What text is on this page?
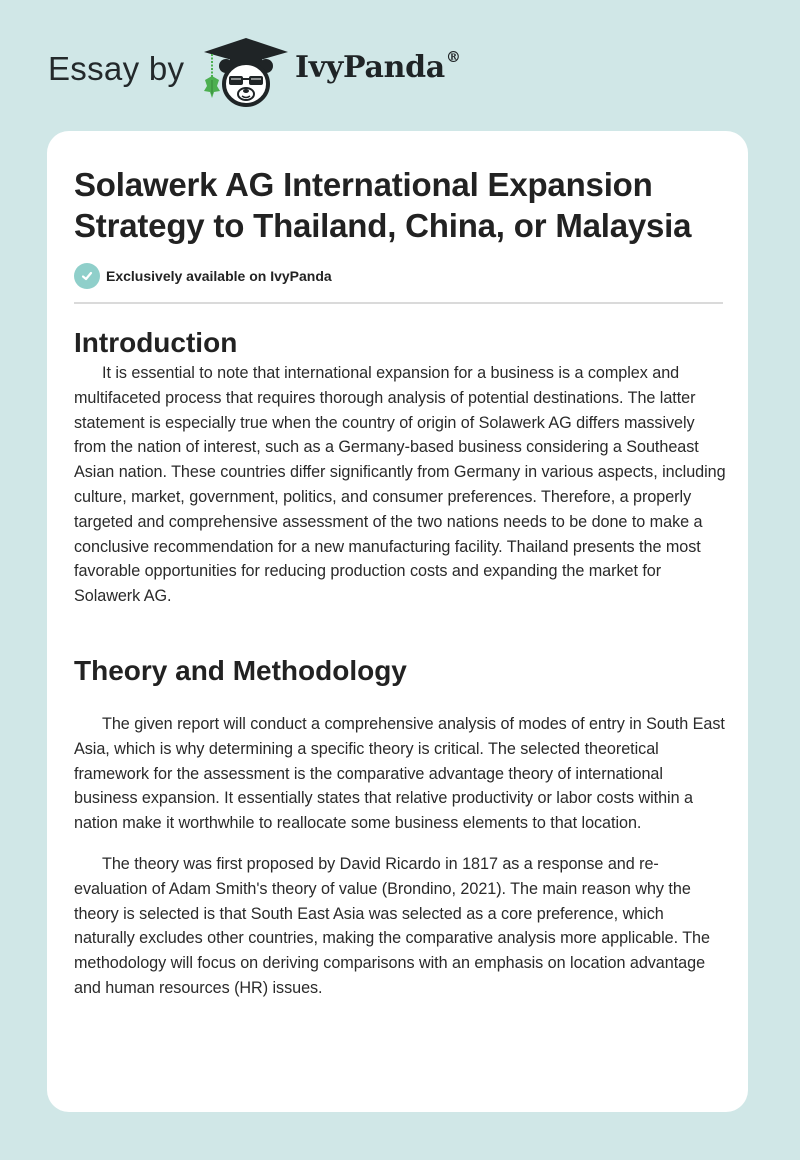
Essay by	IvyPanda®
Solawerk AG International Expansion Strategy to Thailand, China, or Malaysia
Exclusively available on IvyPanda
Introduction

It is essential to note that international expansion for a business is a complex and multifaceted process that requires thorough analysis of potential destinations. The latter statement is especially true when the country of origin of Solawerk AG differs massively from the nation of interest, such as a Germany-based business considering a Southeast Asian nation. These countries differ significantly from Germany in various aspects, including culture, market, government, politics, and consumer preferences. Therefore, a properly targeted and comprehensive assessment of the two nations needs to be done to make a conclusive recommendation for a new manufacturing facility. Thailand presents the most favorable opportunities for reducing production costs and expanding the market for Solawerk AG.

Theory and Methodology

The given report will conduct a comprehensive analysis of modes of entry in South East Asia, which is why determining a specific theory is critical. The selected theoretical framework for the assessment is the comparative advantage theory of international business expansion. It essentially states that relative productivity or labor costs within a nation make it worthwhile to reallocate some business elements to that location.

The theory was first proposed by David Ricardo in 1817 as a response and re-evaluation of Adam Smith's theory of value (Brondino, 2021). The main reason why the theory is selected is that South East Asia was selected as a core preference, which naturally excludes other countries, making the comparative analysis more applicable. The methodology will focus on deriving comparisons with an emphasis on location advantage and human resources (HR) issues.
